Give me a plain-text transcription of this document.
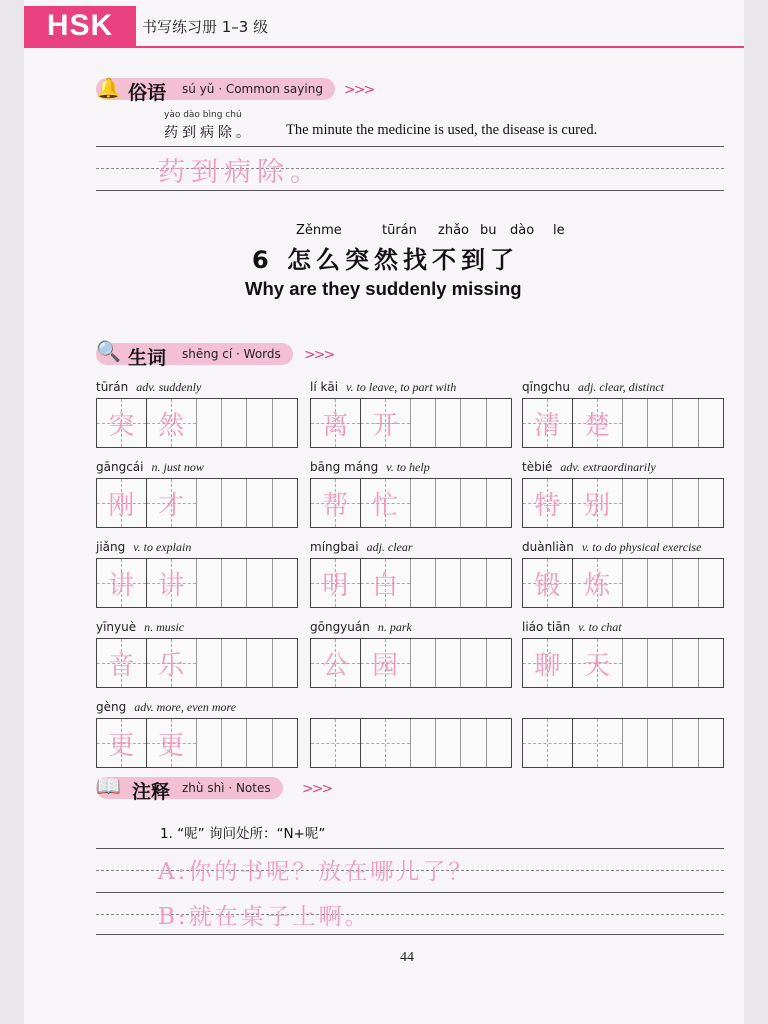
HSK	书写练习册 1–3 级
sú yǔ · Common saying
🔔 俗语	>>>
yào dào bìng chú
药到病除。 The minute the medicine is used, the disease is cured.
药到病除。
Zěnme	tūrán zhǎo bu dào le
6 怎么突然找不到了
Why are they suddenly missing
shēng cí · Words
🔍 生词	>>>
tūrán adv. suddenly
突 然
lí kāi v. to leave, to part with
离 开
qīngchu adj. clear, distinct
清 楚
gāngcái n. just now
刚 才
bāng máng v. to help
帮 忙
tèbié adv. extraordinarily
特 别
jiǎng v. to explain
讲 讲
míngbai adj. clear
明 白
duànliàn v. to do physical exercise
锻 炼
yīnyuè n. music
音 乐
gōngyuán n. park
公 园
liáo tiān v. to chat
聊 天
gèng adv. more, even more
更 更
zhù shì · Notes
📖 注释	>>>
1. “呢” 询问处所：“N+呢”
A:你的书呢？放在哪儿了？
B:就在桌子上啊。
44
